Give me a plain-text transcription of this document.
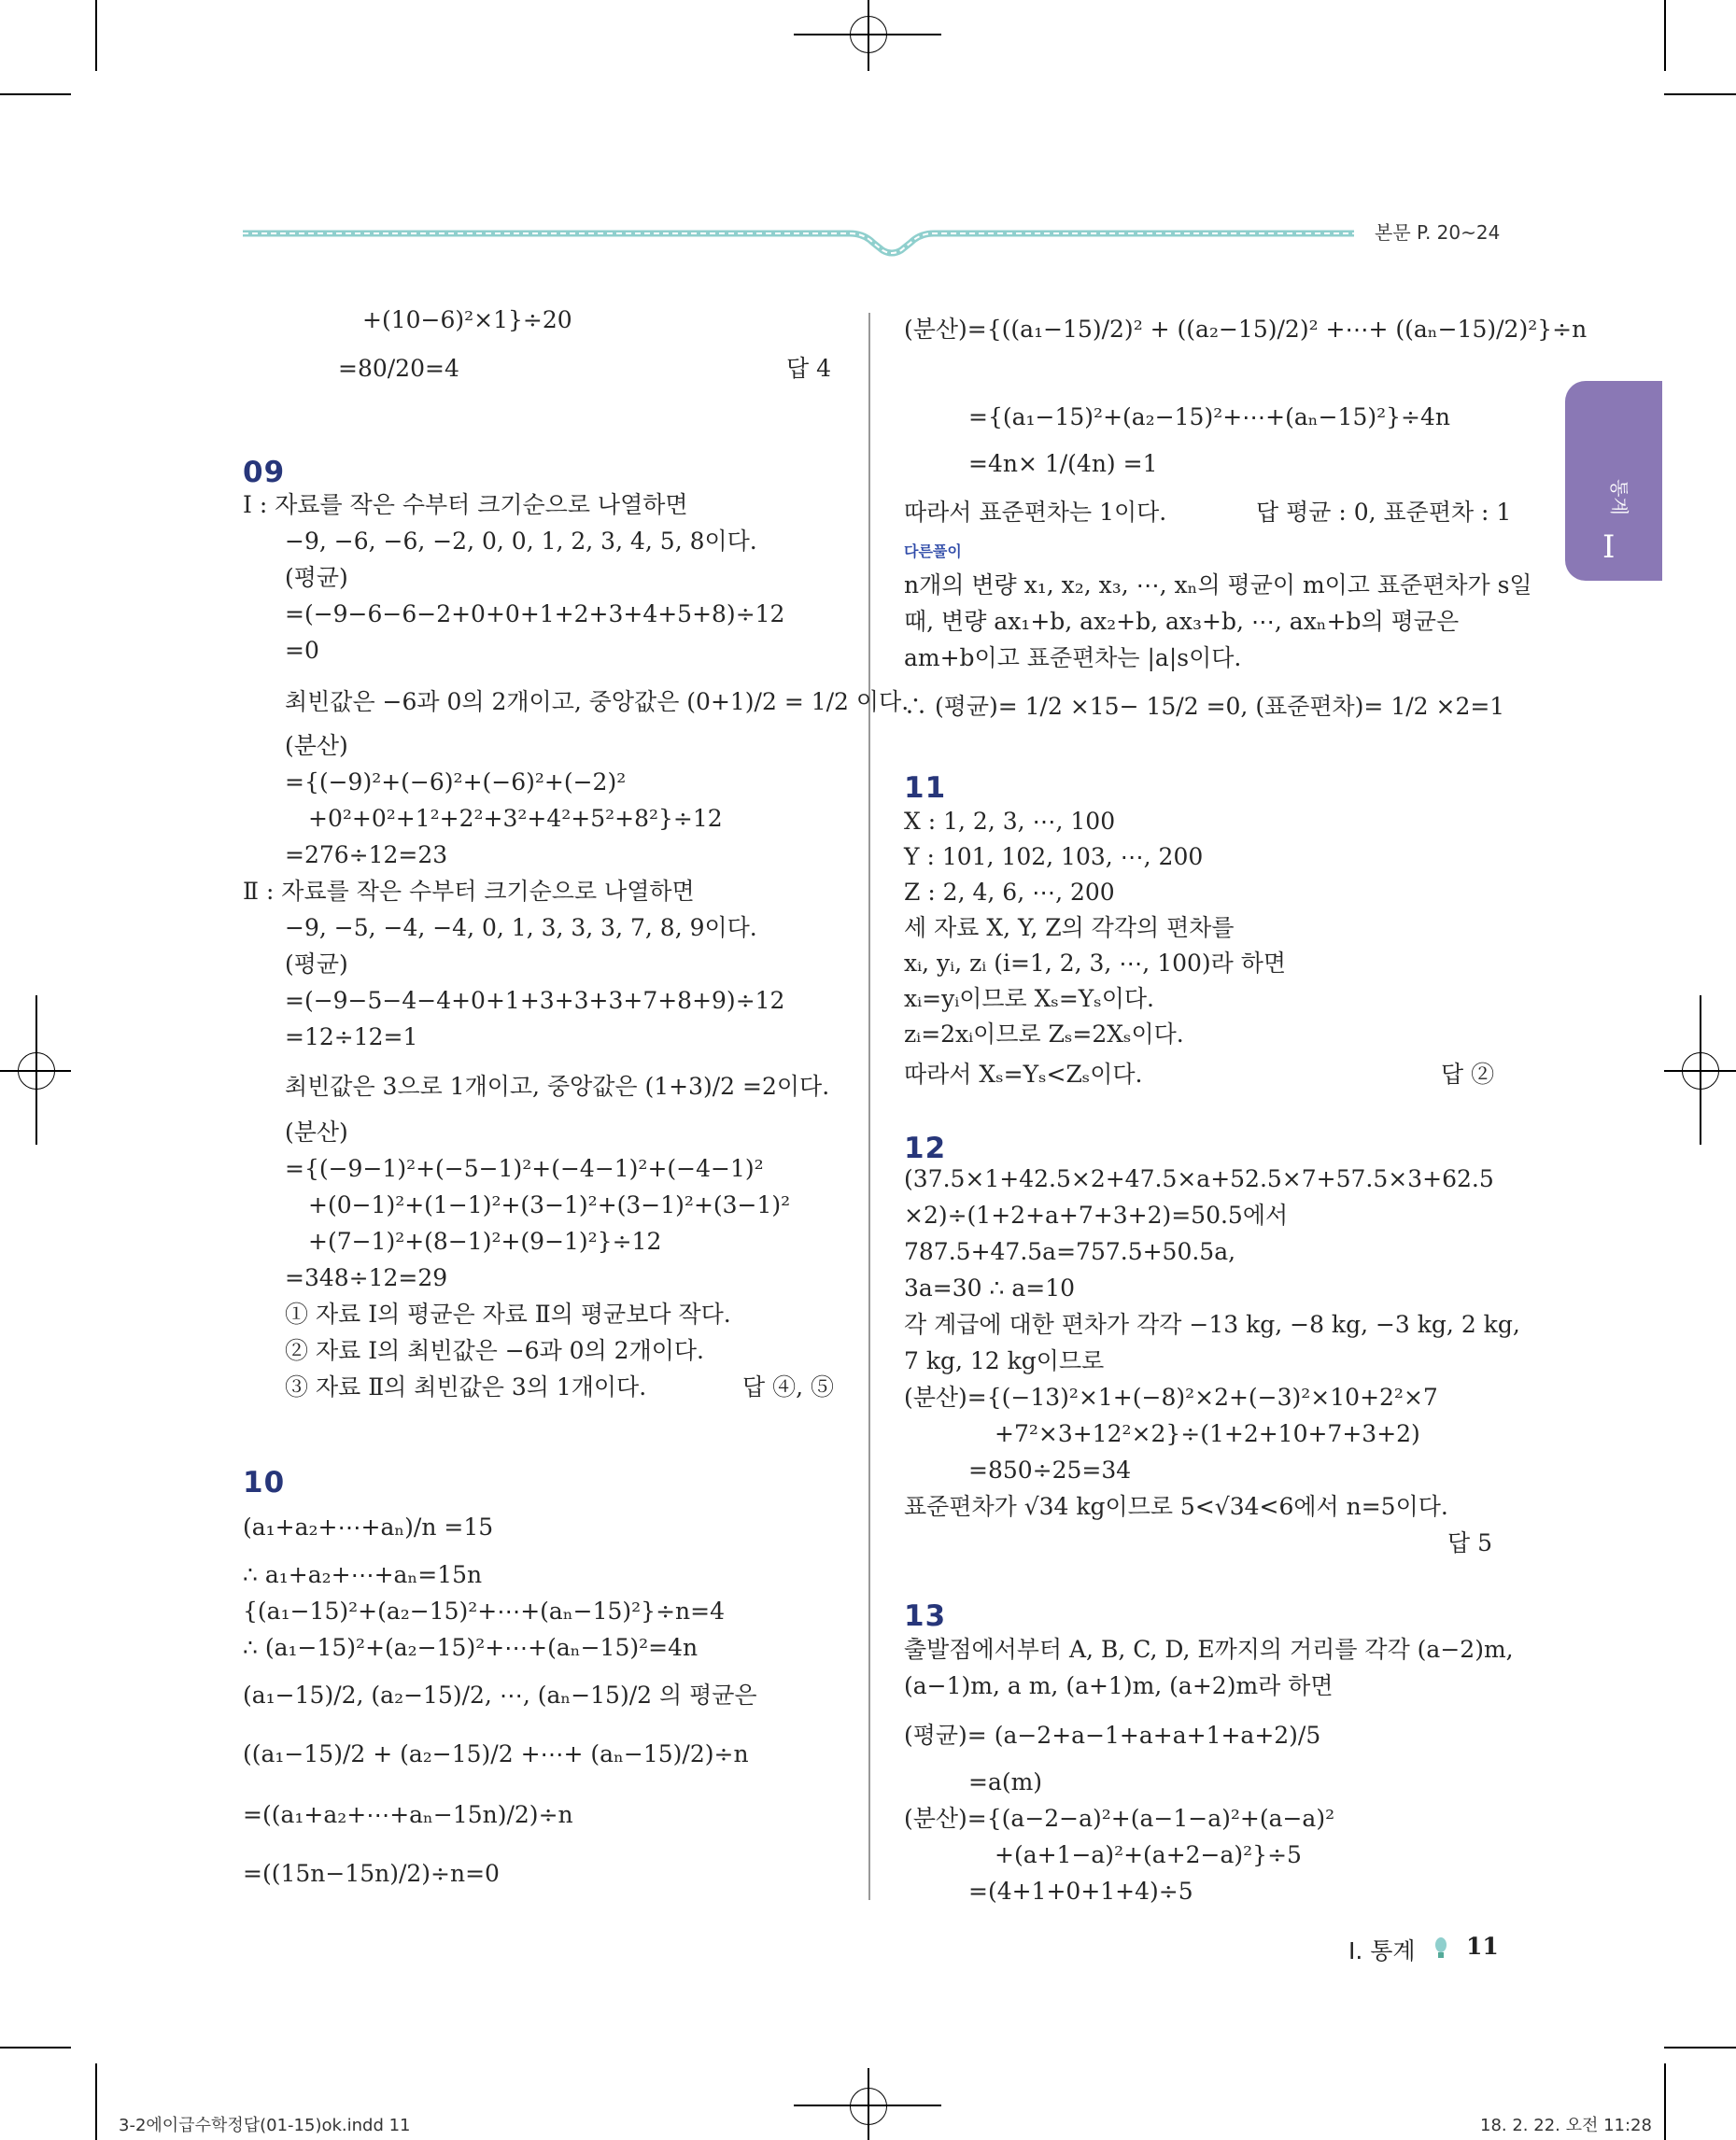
본문 P. 20~24
통계
Ⅰ
+(10−6)²×1}÷20
=80/20=4	답 4
09
Ⅰ : 자료를 작은 수부터 크기순으로 나열하면
−9, −6, −6, −2, 0, 0, 1, 2, 3, 4, 5, 8이다.
(평균)
=(−9−6−6−2+0+0+1+2+3+4+5+8)÷12
=0
최빈값은 −6과 0의 2개이고, 중앙값은 (0+1)/2 = 1/2 이다.
(분산)
={(−9)²+(−6)²+(−6)²+(−2)²
+0²+0²+1²+2²+3²+4²+5²+8²}÷12
=276÷12=23
Ⅱ : 자료를 작은 수부터 크기순으로 나열하면
−9, −5, −4, −4, 0, 1, 3, 3, 3, 7, 8, 9이다.
(평균)
=(−9−5−4−4+0+1+3+3+3+7+8+9)÷12
=12÷12=1
최빈값은 3으로 1개이고, 중앙값은 (1+3)/2 =2이다.
(분산)
={(−9−1)²+(−5−1)²+(−4−1)²+(−4−1)²
+(0−1)²+(1−1)²+(3−1)²+(3−1)²+(3−1)²
+(7−1)²+(8−1)²+(9−1)²}÷12
=348÷12=29
① 자료 Ⅰ의 평균은 자료 Ⅱ의 평균보다 작다.
② 자료 Ⅰ의 최빈값은 −6과 0의 2개이다.
③ 자료 Ⅱ의 최빈값은 3의 1개이다.	답 ④, ⑤
10
(a₁+a₂+⋯+aₙ)/n =15
∴ a₁+a₂+⋯+aₙ=15n
{(a₁−15)²+(a₂−15)²+⋯+(aₙ−15)²}÷n=4
∴ (a₁−15)²+(a₂−15)²+⋯+(aₙ−15)²=4n
(a₁−15)/2, (a₂−15)/2, ⋯, (aₙ−15)/2 의 평균은
((a₁−15)/2 + (a₂−15)/2 +⋯+ (aₙ−15)/2)÷n
=((a₁+a₂+⋯+aₙ−15n)/2)÷n
=((15n−15n)/2)÷n=0
(분산)={((a₁−15)/2)² + ((a₂−15)/2)² +⋯+ ((aₙ−15)/2)²}÷n
={(a₁−15)²+(a₂−15)²+⋯+(aₙ−15)²}÷4n
=4n× 1/(4n) =1
따라서 표준편차는 1이다.	답 평균 : 0, 표준편차 : 1
다른풀이
n개의 변량 x₁, x₂, x₃, ⋯, xₙ의 평균이 m이고 표준편차가 s일
때, 변량 ax₁+b, ax₂+b, ax₃+b, ⋯, axₙ+b의 평균은
am+b이고 표준편차는 |a|s이다.
∴ (평균)= 1/2 ×15− 15/2 =0, (표준편차)= 1/2 ×2=1
11
X : 1, 2, 3, ⋯, 100
Y : 101, 102, 103, ⋯, 200
Z : 2, 4, 6, ⋯, 200
세 자료 X, Y, Z의 각각의 편차를
xᵢ, yᵢ, zᵢ (i=1, 2, 3, ⋯, 100)라 하면
xᵢ=yᵢ이므로 Xₛ=Yₛ이다.
zᵢ=2xᵢ이므로 Zₛ=2Xₛ이다.
따라서 Xₛ=Yₛ<Zₛ이다.	답 ②
12
(37.5×1+42.5×2+47.5×a+52.5×7+57.5×3+62.5
×2)÷(1+2+a+7+3+2)=50.5에서
787.5+47.5a=757.5+50.5a,
3a=30 ∴ a=10
각 계급에 대한 편차가 각각 −13 kg, −8 kg, −3 kg, 2 kg,
7 kg, 12 kg이므로
(분산)={(−13)²×1+(−8)²×2+(−3)²×10+2²×7
+7²×3+12²×2}÷(1+2+10+7+3+2)
=850÷25=34
표준편차가 √34 kg이므로 5<√34<6에서 n=5이다.
답 5
13
출발점에서부터 A, B, C, D, E까지의 거리를 각각 (a−2)m,
(a−1)m, a m, (a+1)m, (a+2)m라 하면
(평균)= (a−2+a−1+a+a+1+a+2)/5
=a(m)
(분산)={(a−2−a)²+(a−1−a)²+(a−a)²
+(a+1−a)²+(a+2−a)²}÷5
=(4+1+0+1+4)÷5
Ⅰ. 통계 11
3-2에이급수학정답(01-15)ok.indd 11	18. 2. 22. 오전 11:28
